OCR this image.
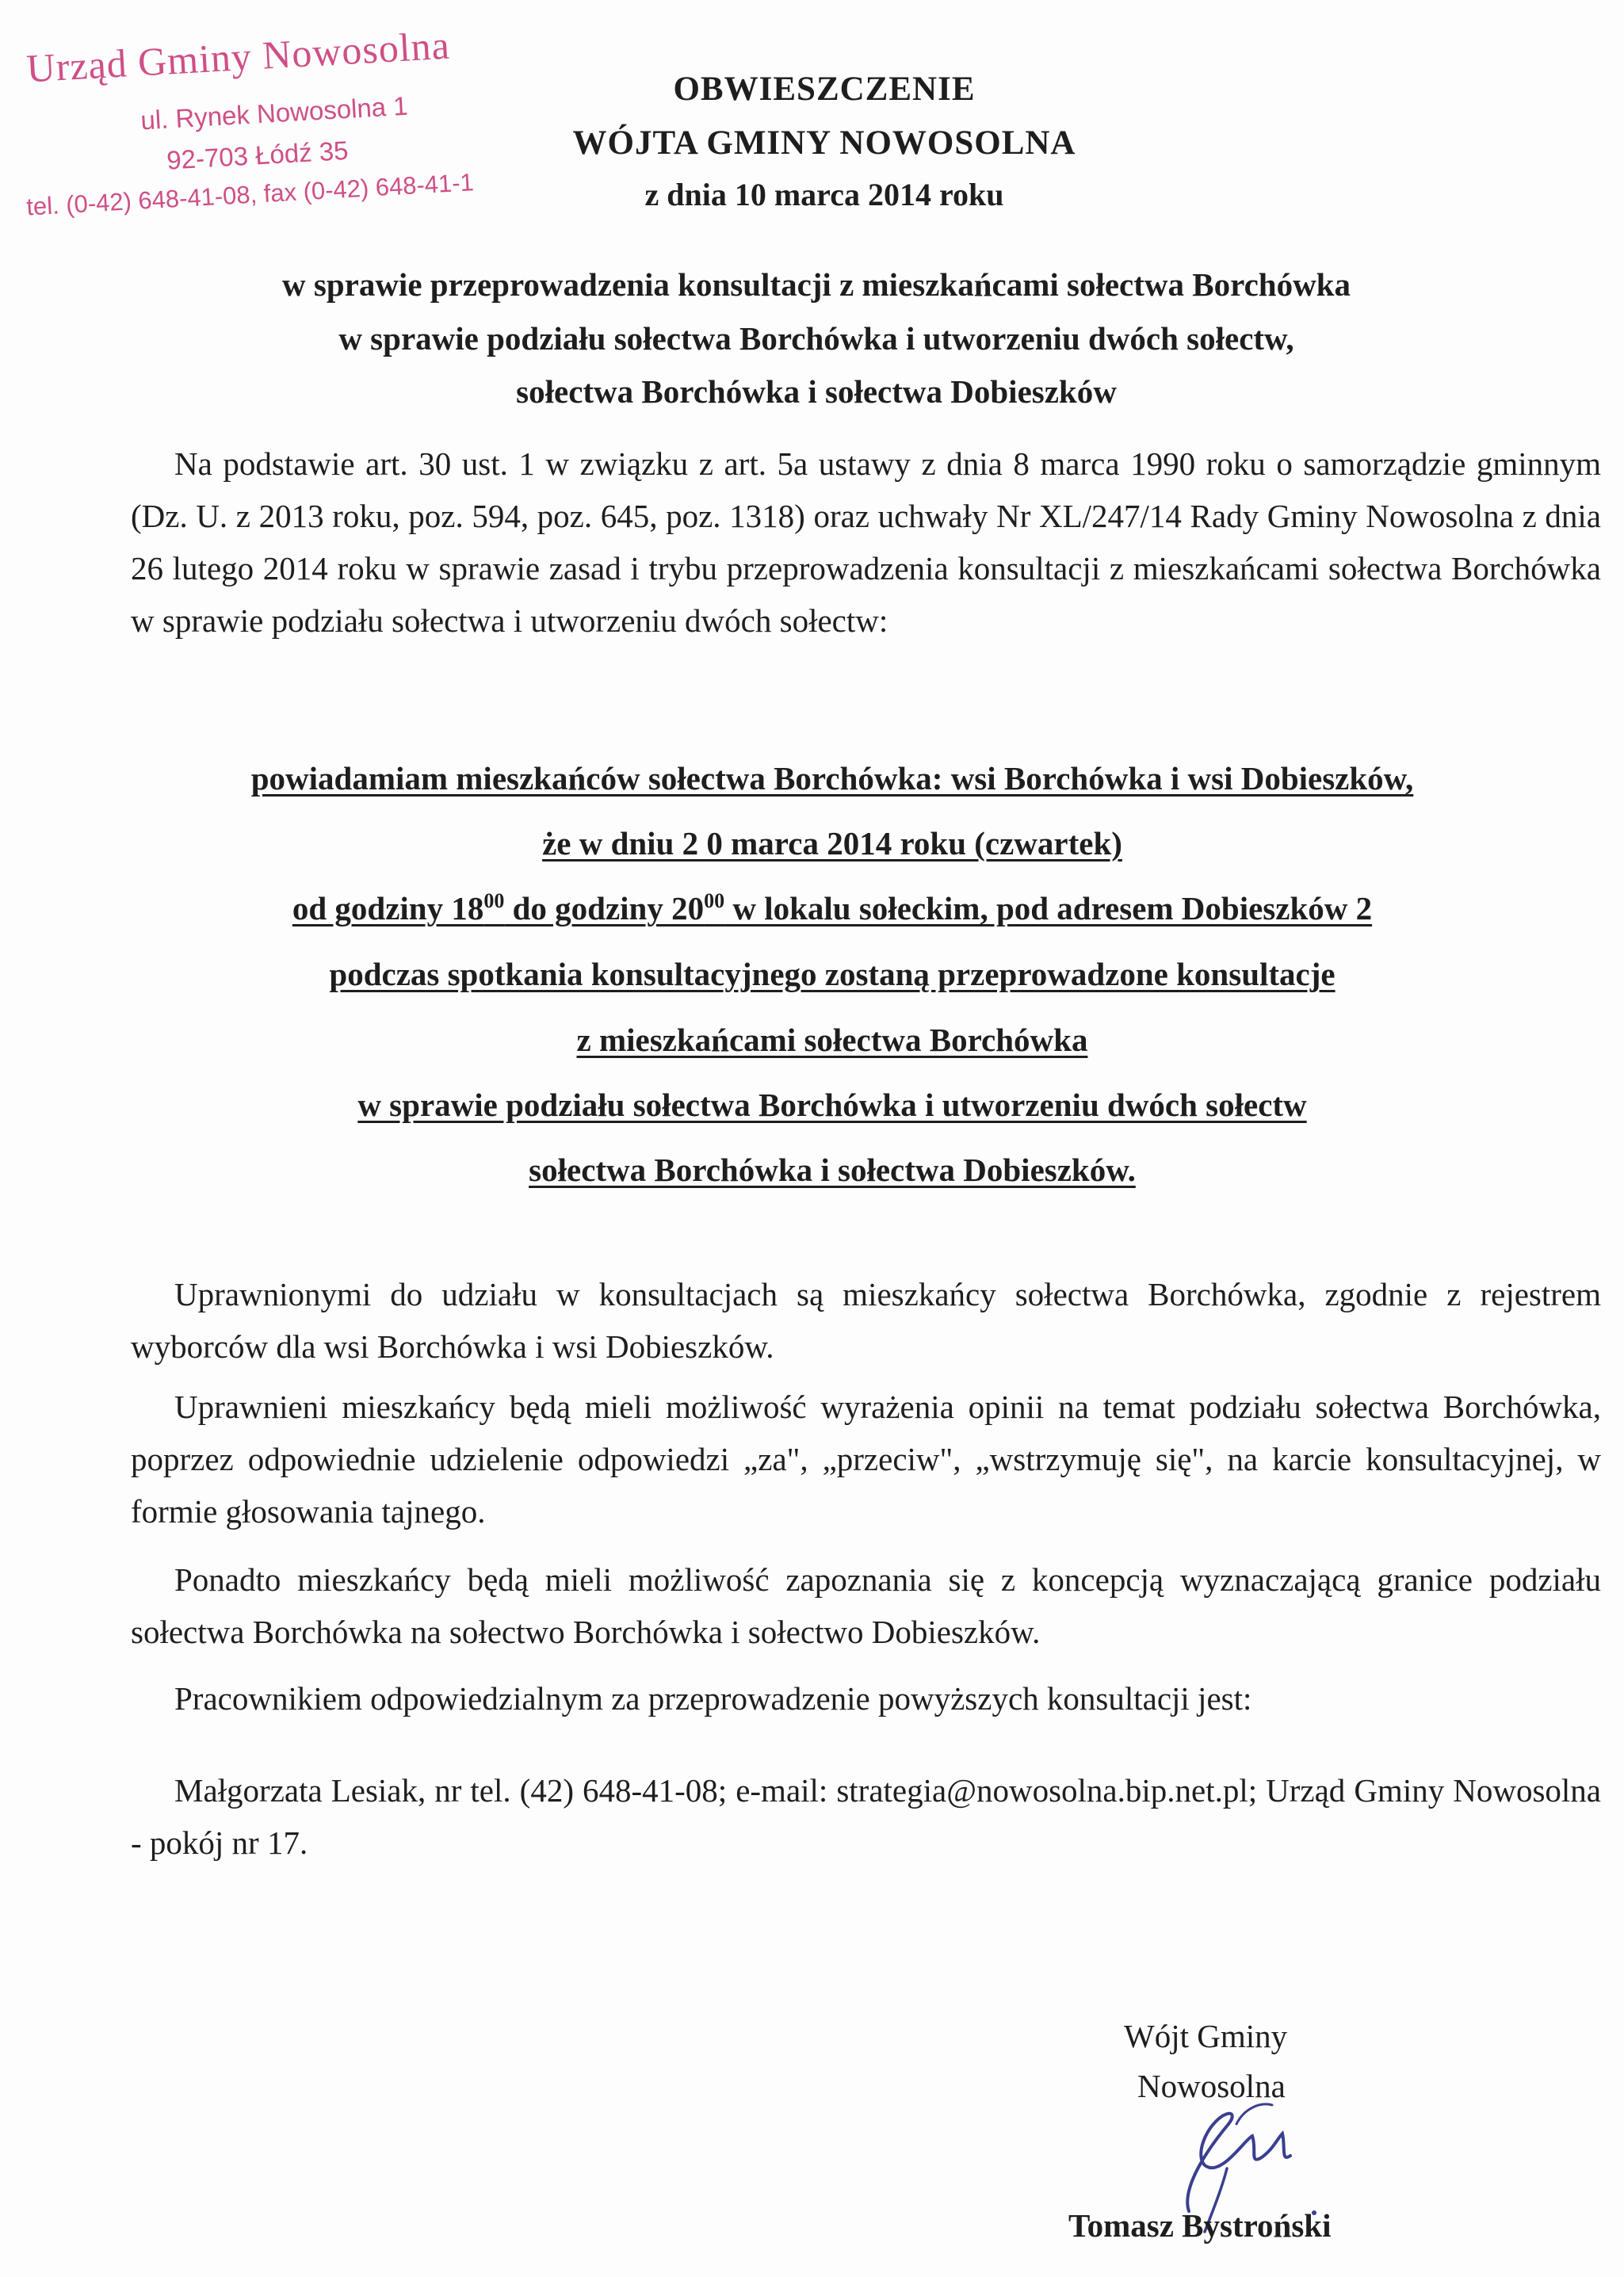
Urząd Gminy Nowosolna
ul. Rynek Nowosolna 1
92-703 Łódź 35
tel. (0-42) 648-41-08, fax (0-42) 648-41-1
OBWIESZCZENIE
WÓJTA GMINY NOWOSOLNA
z dnia 10 marca 2014 roku
w sprawie przeprowadzenia konsultacji z mieszkańcami sołectwa Borchówka
w sprawie podziału sołectwa Borchówka i utworzeniu dwóch sołectw,
sołectwa Borchówka i sołectwa Dobieszków
Na podstawie art. 30 ust. 1 w związku z art. 5a ustawy z dnia 8 marca 1990 roku o samorządzie gminnym (Dz. U. z 2013 roku, poz. 594, poz. 645, poz. 1318) oraz uchwały Nr XL/247/14 Rady Gminy Nowosolna z dnia 26 lutego 2014 roku w sprawie zasad i trybu przeprowadzenia konsultacji z mieszkańcami sołectwa Borchówka w sprawie podziału sołectwa i utworzeniu dwóch sołectw:
powiadamiam mieszkańców sołectwa Borchówka: wsi Borchówka i wsi Dobieszków,
że w dniu 2 0 marca 2014 roku (czwartek)
od godziny $18^{00}$ do godziny $20^{00}$ w lokalu sołeckim, pod adresem Dobieszków 2
podczas spotkania konsultacyjnego zostaną przeprowadzone konsultacje
z mieszkańcami sołectwa Borchówka
w sprawie podziału sołectwa Borchówka i utworzeniu dwóch sołectw
sołectwa Borchówka i sołectwa Dobieszków.
Uprawnionymi do udziału w konsultacjach są mieszkańcy sołectwa Borchówka, zgodnie z rejestrem wyborców dla wsi Borchówka i wsi Dobieszków.
Uprawnieni mieszkańcy będą mieli możliwość wyrażenia opinii na temat podziału sołectwa Borchówka, poprzez odpowiednie udzielenie odpowiedzi „za", „przeciw", „wstrzymuję się", na karcie konsultacyjnej, w formie głosowania tajnego.
Ponadto mieszkańcy będą mieli możliwość zapoznania się z koncepcją wyznaczającą granice podziału sołectwa Borchówka na sołectwo Borchówka i sołectwo Dobieszków.
Pracownikiem odpowiedzialnym za przeprowadzenie powyższych konsultacji jest:
Małgorzata Lesiak, nr tel. (42) 648-41-08; e-mail: strategia@nowosolna.bip.net.pl; Urząd Gminy Nowosolna - pokój nr 17.
Wójt Gminy
Nowosolna
Tomasz Bystroński
